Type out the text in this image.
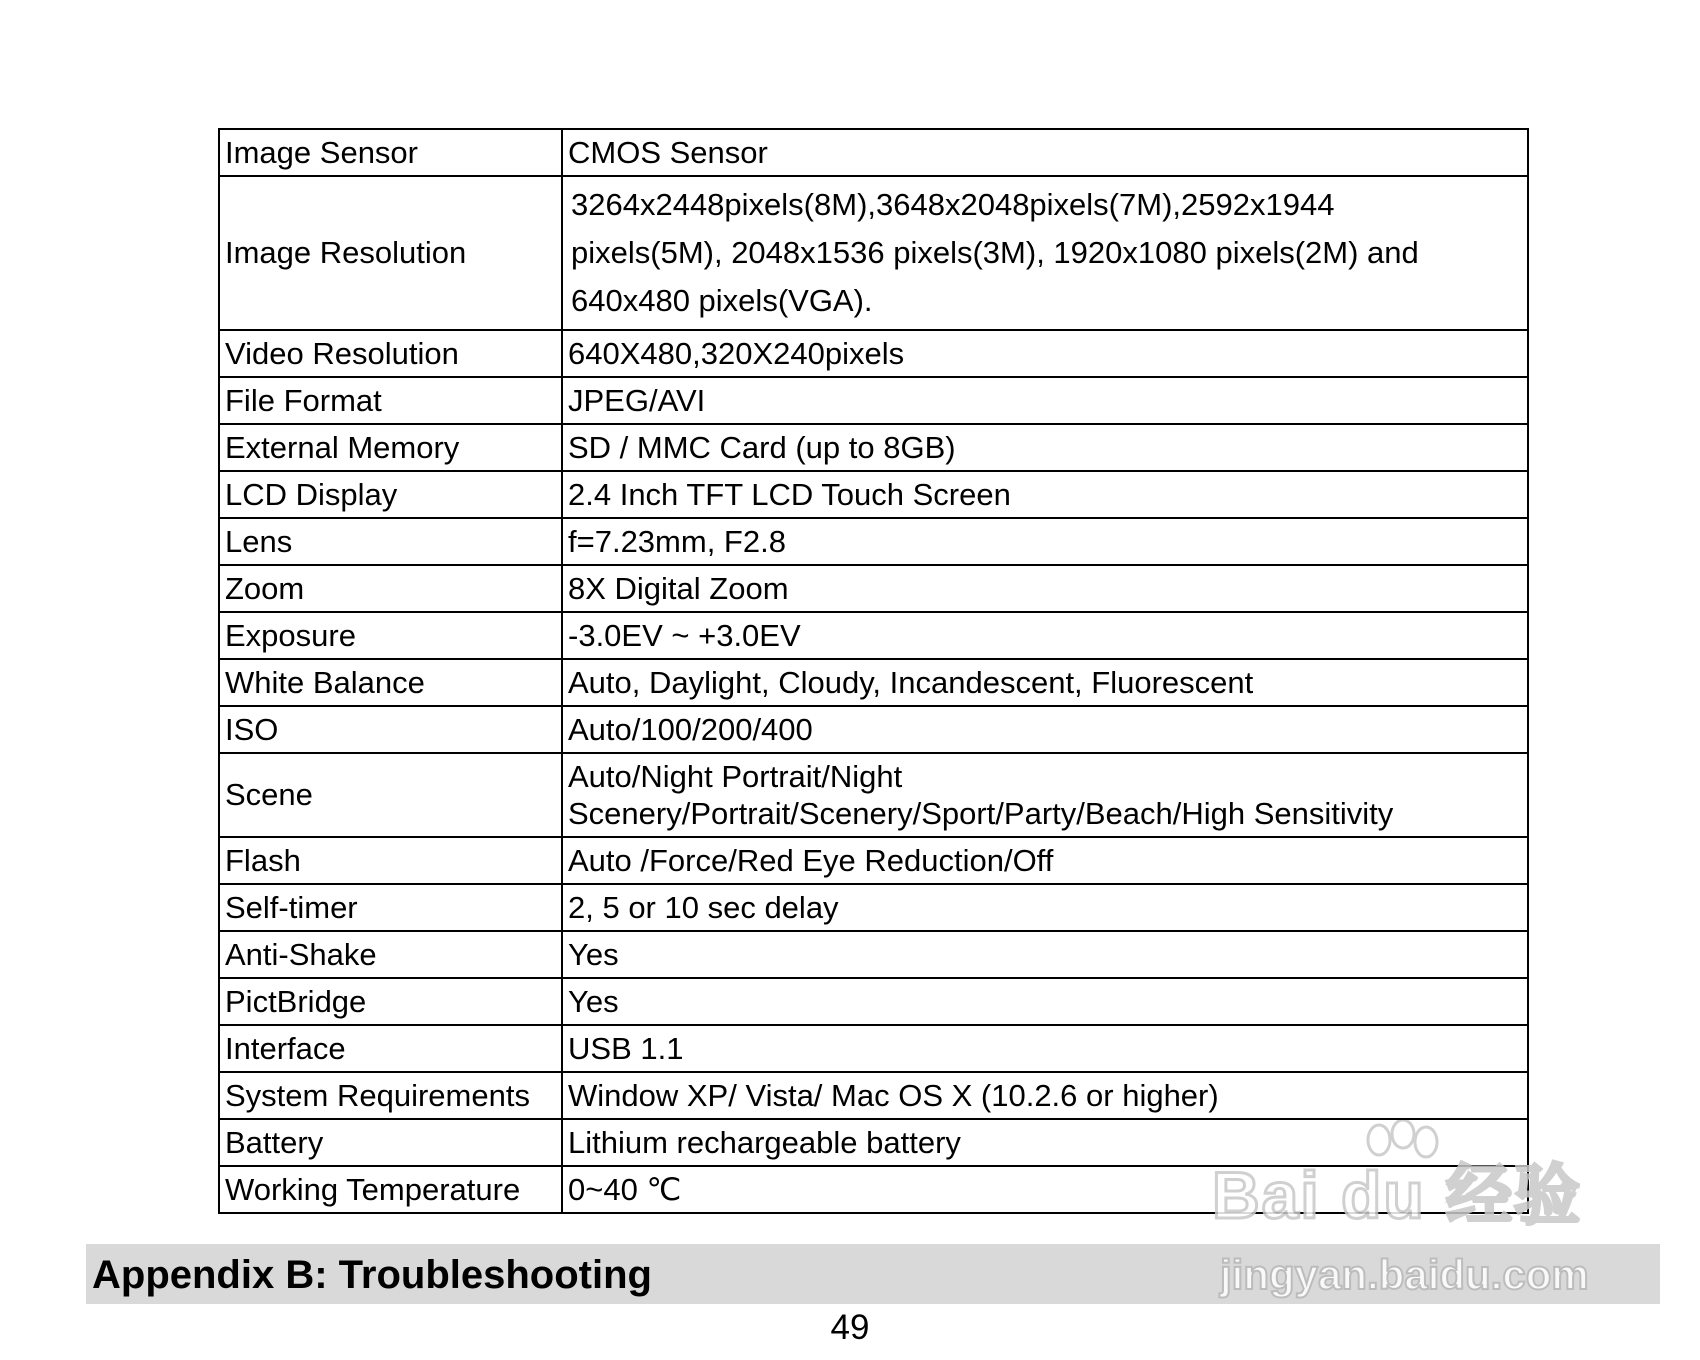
Image Sensor	CMOS Sensor
Image Resolution	3264x2448pixels(8M),3648x2048pixels(7M),2592x1944
pixels(5M), 2048x1536 pixels(3M), 1920x1080 pixels(2M) and
640x480 pixels(VGA).

Video Resolution	640X480,320X240pixels
File Format	JPEG/AVI
External Memory	SD / MMC Card (up to 8GB)
LCD Display	2.4 Inch TFT LCD Touch Screen
Lens	f=7.23mm, F2.8
Zoom	8X Digital Zoom
Exposure	-3.0EV ~ +3.0EV
White Balance	Auto, Daylight, Cloudy, Incandescent, Fluorescent
ISO	Auto/100/200/400
Scene	Auto/Night Portrait/Night
Scenery/Portrait/Scenery/Sport/Party/Beach/High Sensitivity

Flash	Auto /Force/Red Eye Reduction/Off
Self-timer	2, 5 or 10 sec delay
Anti-Shake	Yes
PictBridge	Yes
Interface	USB 1.1
System Requirements	Window XP/ Vista/ Mac OS X (10.2.6 or higher)
Battery	Lithium rechargeable battery
Working Temperature	0~40 ℃
Appendix B: Troubleshooting
49
Bai du 经验
jingyan.baidu.com
